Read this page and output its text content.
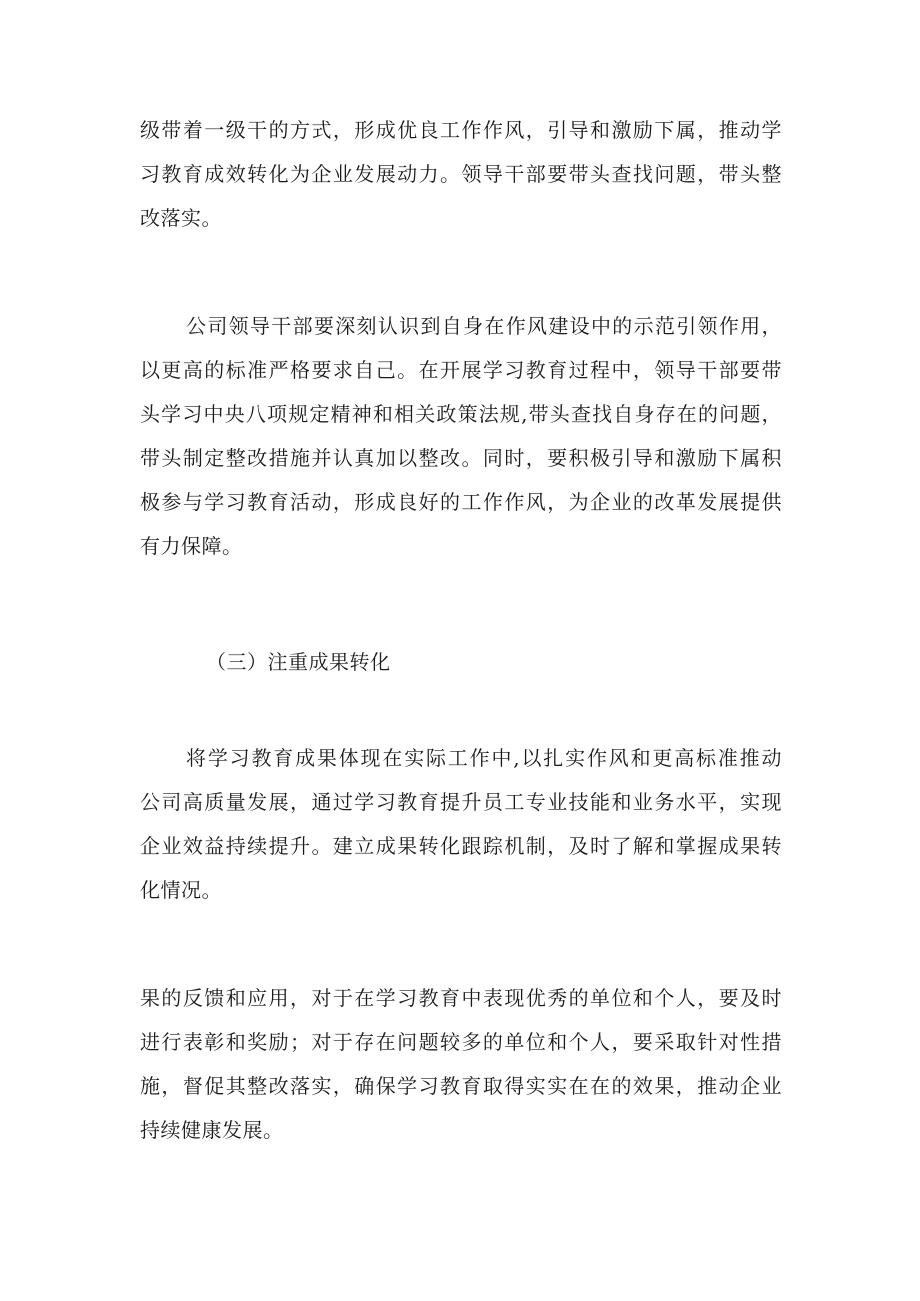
级带着一级干的方式，形成优良工作作风，引导和激励下属，推动学
习教育成效转化为企业发展动力。领导干部要带头查找问题，带头整
改落实。
公司领导干部要深刻认识到自身在作风建设中的示范引领作用，
以更高的标准严格要求自己。在开展学习教育过程中，领导干部要带
头学习中央八项规定精神和相关政策法规,带头查找自身存在的问题，
带头制定整改措施并认真加以整改。同时，要积极引导和激励下属积
极参与学习教育活动，形成良好的工作作风，为企业的改革发展提供
有力保障。
（三）注重成果转化
将学习教育成果体现在实际工作中,以扎实作风和更高标准推动
公司高质量发展，通过学习教育提升员工专业技能和业务水平，实现
企业效益持续提升。建立成果转化跟踪机制，及时了解和掌握成果转
化情况。
果的反馈和应用，对于在学习教育中表现优秀的单位和个人，要及时
进行表彰和奖励；对于存在问题较多的单位和个人，要采取针对性措
施，督促其整改落实，确保学习教育取得实实在在的效果，推动企业
持续健康发展。
